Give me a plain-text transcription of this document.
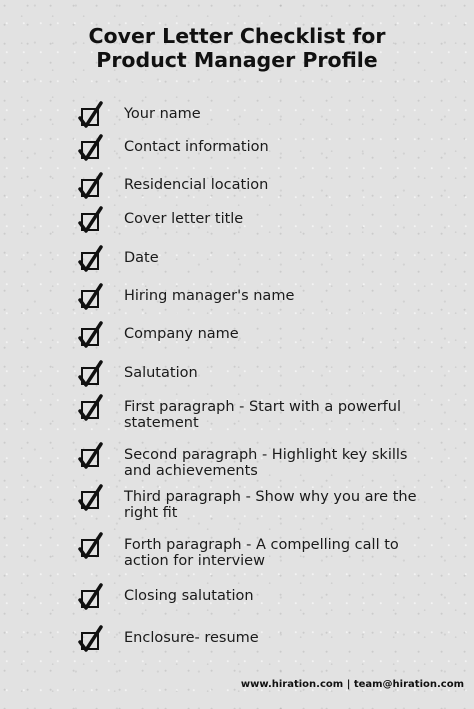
Cover Letter Checklist for
Product Manager Profile
Your name
Contact information
Residencial location
Cover letter title
Date
Hiring manager's name
Company name
Salutation
First paragraph - Start with a powerful
statement
Second paragraph - Highlight key skills
and achievements
Third paragraph - Show why you are the
right fit
Forth paragraph - A compelling call to
action for interview
Closing salutation
Enclosure- resume
www.hiration.com | team@hiration.com
